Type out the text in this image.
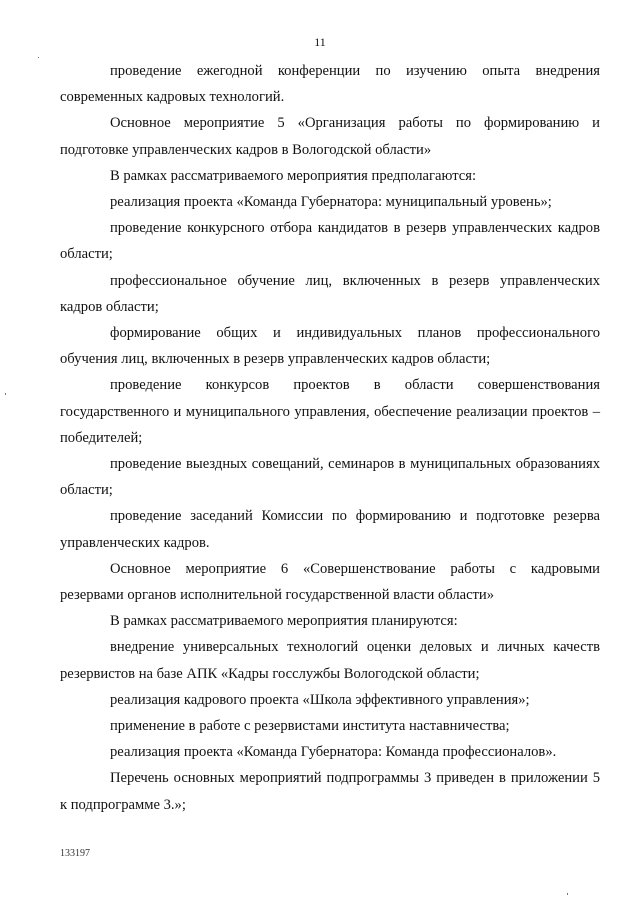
11

проведение ежегодной конференции по изучению опыта внедрения современных кадровых технологий.

Основное мероприятие 5 «Организация работы по формированию и подготовке управленческих кадров в Вологодской области»

В рамках рассматриваемого мероприятия предполагаются:

реализация проекта «Команда Губернатора: муниципальный уровень»;

проведение конкурсного отбора кандидатов в резерв управленческих кадров области;

профессиональное обучение лиц, включенных в резерв управленческих кадров области;

формирование общих и индивидуальных планов профессионального обучения лиц, включенных в резерв управленческих кадров области;

проведение конкурсов проектов в области совершенствования государственного и муниципального управления, обеспечение реализации проектов – победителей;

проведение выездных совещаний, семинаров в муниципальных образованиях области;

проведение заседаний Комиссии по формированию и подготовке резерва управленческих кадров.

Основное мероприятие 6 «Совершенствование работы с кадровыми резервами органов исполнительной государственной власти области»

В рамках рассматриваемого мероприятия планируются:

внедрение универсальных технологий оценки деловых и личных качеств резервистов на базе АПК «Кадры госслужбы Вологодской области;

реализация кадрового проекта «Школа эффективного управления»;

применение в работе с резервистами института наставничества;

реализация проекта «Команда Губернатора: Команда профессионалов».

Перечень основных мероприятий подпрограммы 3 приведен в приложении 5 к подпрограмме 3.»;

133197
